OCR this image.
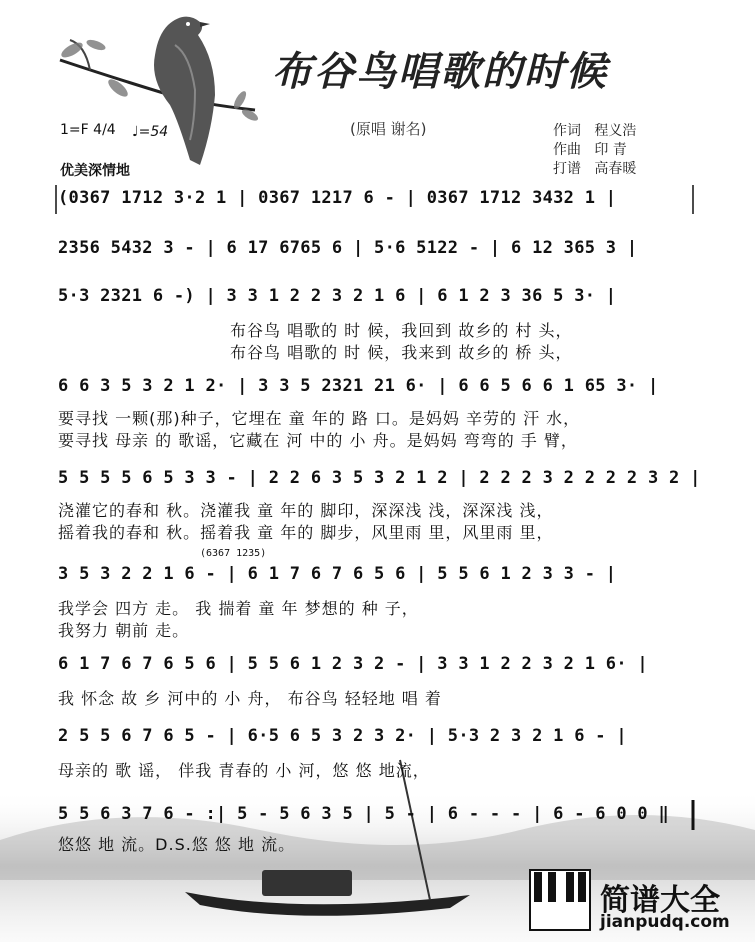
布谷鸟唱歌的时候
(原唱 谢名)	作词 程义浩
作曲 印 青
打谱 高春暖
1=F 4/4 ♩=54
优美深情地
(0367 1712 3·2 1 | 0367 1217 6 - | 0367 1712 3432 1 |
2356 5432 3 - | 6 17 6765 6 | 5·6 5122 - | 6 12 365 3 |
5·3 2321 6 -) | 3 3 1 2 2 3 2 1 6 | 6 1 2 3 36 5 3· |
布谷鸟 唱歌的 时 候，我回到 故乡的 村 头，
布谷鸟 唱歌的 时 候，我来到 故乡的 桥 头，
6 6 3 5 3 2 1 2· | 3 3 5 2321 21 6· | 6 6 5 6 6 1 65 3· |
要寻找 一颗(那)种子，它埋在 童 年的 路 口。是妈妈 辛劳的 汗 水，
要寻找 母亲 的 歌谣，它藏在 河 中的 小 舟。是妈妈 弯弯的 手 臂，
5 5 5 5 6 5 3 3 - | 2 2 6 3 5 3 2 1 2 | 2 2 2 3 2 2 2 2 3 2 |
浇灌它的春和 秋。浇灌我 童 年的 脚印，深深浅 浅，深深浅 浅，
摇着我的春和 秋。摇着我 童 年的 脚步，风里雨 里，风里雨 里，
(6367 1235)
3 5 3 2 2 1 6 - | 6 1 7 6 7 6 5 6 | 5 5 6 1 2 3 3 - |
我学会 四方 走。 我 揣着 童 年 梦想的 种 子，
我努力 朝前 走。
6 1 7 6 7 6 5 6 | 5 5 6 1 2 3 2 - | 3 3 1 2 2 3 2 1 6· |
我 怀念 故 乡 河中的 小 舟， 布谷鸟 轻轻地 唱 着
2 5 5 6 7 6 5 - | 6·5 6 5 3 2 3 2· | 5·3 2 3 2 1 6 - |
母亲的 歌 谣， 伴我 青春的 小 河，悠 悠 地流，
5 5 6 3 7 6 - :| 5 - 5 6 3 5 | 5 - | 6 - - - | 6 - 6 0 0 ‖
悠悠 地 流。D.S.悠 悠 地 流。
简谱大全
jianpudq.com
